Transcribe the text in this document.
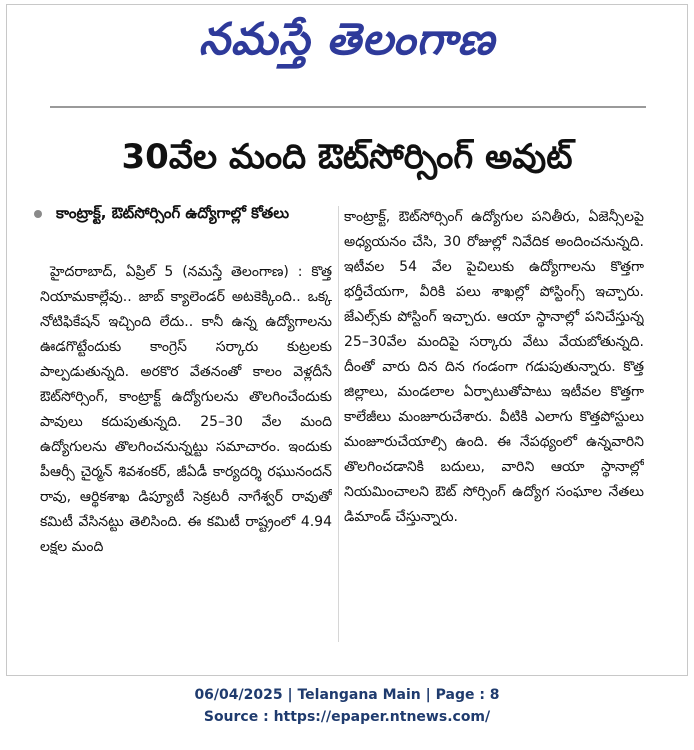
నమస్తే తెలంగాణ
30వేల మంది ఔట్‌సోర్సింగ్ అవుట్
కాంట్రాక్ట్, ఔట్‌సోర్సింగ్ ఉద్యోగాల్లో కోతలు
హైదరాబాద్, ఏప్రిల్ 5 (నమస్తే తెలంగాణ) : కొత్త నియామకాల్లేవు.. జాబ్ క్యాలెండర్ అటకెక్కింది.. ఒక్క నోటిఫికేషన్ ఇచ్చింది లేదు.. కానీ ఉన్న ఉద్యోగాలను ఊడగొట్టేందుకు కాంగ్రెస్ సర్కారు కుట్రలకు పాల్పడుతున్నది. అరకొర వేతనంతో కాలం వెళ్లదీసే ఔట్‌సోర్సింగ్, కాంట్రాక్ట్ ఉద్యోగులను తొలగించేందుకు పావులు కదుపుతున్నది. 25–30 వేల మంది ఉద్యోగులను తొలగించనున్నట్టు సమాచారం. ఇందుకు పీఆర్సీ చైర్మన్ శివశంకర్, జీఏడీ కార్యదర్శి రఘునందన్ రావు, ఆర్థికశాఖ డిప్యూటీ సెక్రటరీ నాగేశ్వర్ రావుతో కమిటీ వేసినట్టు తెలిసింది. ఈ కమిటీ రాష్ట్రంలో 4.94 లక్షల మంది
కాంట్రాక్ట్, ఔట్‌సోర్సింగ్ ఉద్యోగుల పనితీరు, ఏజెన్సీలపై అధ్యయనం చేసి, 30 రోజుల్లో నివేదిక అందించనున్నది. ఇటీవల 54 వేల పైచిలుకు ఉద్యోగాలను కొత్తగా భర్తీచేయగా, వీరికి పలు శాఖల్లో పోస్టింగ్స్ ఇచ్చారు. జేఎల్స్‌కు పోస్టింగ్ ఇచ్చారు. ఆయా స్థానాల్లో పనిచేస్తున్న 25–30వేల మందిపై సర్కారు వేటు వేయబోతున్నది. దీంతో వారు దిన దిన గండంగా గడుపుతున్నారు. కొత్త జిల్లాలు, మండలాల ఏర్పాటుతోపాటు ఇటీవల కొత్తగా కాలేజీలు మంజూరుచేశారు. వీటికి ఎలాగు కొత్తపోస్టులు మంజూరుచేయాల్సి ఉంది. ఈ నేపథ్యంలో ఉన్నవారిని తొలగించడానికి బదులు, వారిని ఆయా స్థానాల్లో నియమించాలని ఔట్ సోర్సింగ్ ఉద్యోగ సంఘాల నేతలు డిమాండ్ చేస్తున్నారు.
06/04/2025 | Telangana Main | Page : 8
Source : https://epaper.ntnews.com/
